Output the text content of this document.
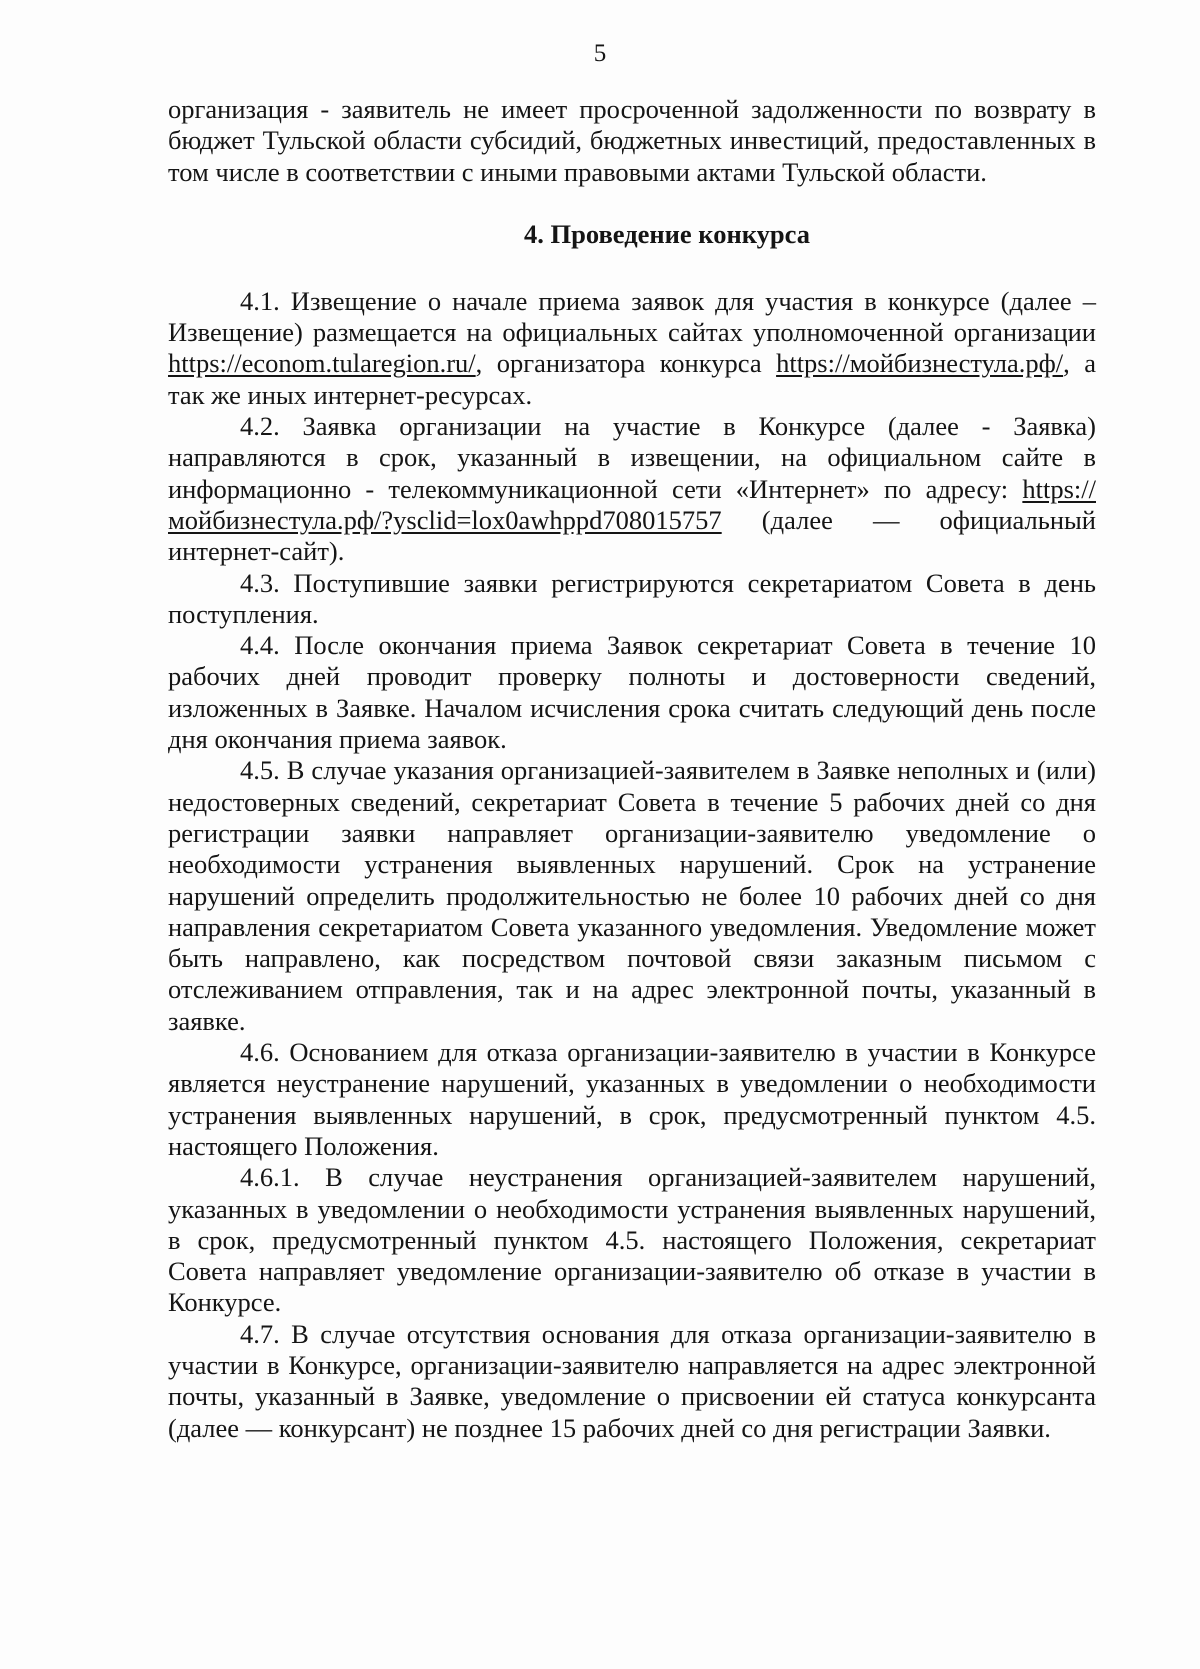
5

организация - заявитель не имеет просроченной задолженности по возврату в бюджет Тульской области субсидий, бюджетных инвестиций, предоставленных в том числе в соответствии с иными правовыми актами Тульской области.

4. Проведение конкурса

4.1. Извещение о начале приема заявок для участия в конкурсе (далее – Извещение) размещается на официальных сайтах уполномоченной организации https://econom.tularegion.ru/, организатора конкурса https://мойбизнестула.рф/, а так же иных интернет-ресурсах.

4.2. Заявка организации на участие в Конкурсе (далее - Заявка) направляются в срок, указанный в извещении, на официальном сайте в информационно - телекоммуникационной сети «Интернет» по адресу: https://мойбизнестула.рф/?ysclid=lox0awhppd708015757 (далее — официальный интернет-сайт).

4.3. Поступившие заявки регистрируются секретариатом Совета в день поступления.

4.4. После окончания приема Заявок секретариат Совета в течение 10 рабочих дней проводит проверку полноты и достоверности сведений, изложенных в Заявке. Началом исчисления срока считать следующий день после дня окончания приема заявок.

4.5. В случае указания организацией-заявителем в Заявке неполных и (или) недостоверных сведений, секретариат Совета в течение 5 рабочих дней со дня регистрации заявки направляет организации-заявителю уведомление о необходимости устранения выявленных нарушений. Срок на устранение нарушений определить продолжительностью не более 10 рабочих дней со дня направления секретариатом Совета указанного уведомления. Уведомление может быть направлено, как посредством почтовой связи заказным письмом с отслеживанием отправления, так и на адрес электронной почты, указанный в заявке.

4.6. Основанием для отказа организации-заявителю в участии в Конкурсе является неустранение нарушений, указанных в уведомлении о необходимости устранения выявленных нарушений, в срок, предусмотренный пунктом 4.5. настоящего Положения.

4.6.1. В случае неустранения организацией-заявителем нарушений, указанных в уведомлении о необходимости устранения выявленных нарушений, в срок, предусмотренный пунктом 4.5. настоящего Положения, секретариат Совета направляет уведомление организации-заявителю об отказе в участии в Конкурсе.

4.7. В случае отсутствия основания для отказа организации-заявителю в участии в Конкурсе, организации-заявителю направляется на адрес электронной почты, указанный в Заявке, уведомление о присвоении ей статуса конкурсанта (далее — конкурсант) не позднее 15 рабочих дней со дня регистрации Заявки.
